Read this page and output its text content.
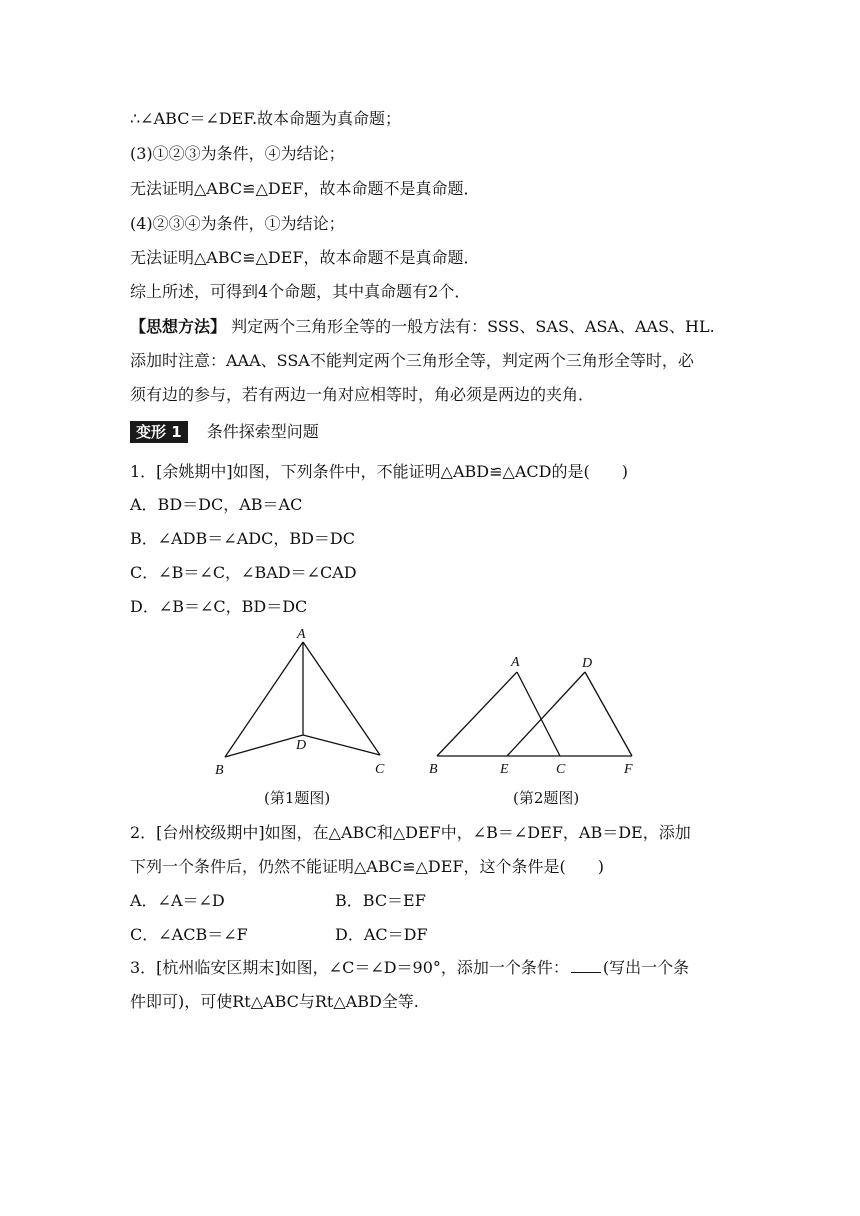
∴∠ABC＝∠DEF.故本命题为真命题；
(3)①②③为条件，④为结论；
无法证明△ABC≌△DEF，故本命题不是真命题．
(4)②③④为条件，①为结论；
无法证明△ABC≌△DEF，故本命题不是真命题．
综上所述，可得到4个命题，其中真命题有2个．
【思想方法】 判定两个三角形全等的一般方法有：SSS、SAS、ASA、AAS、HL.
添加时注意：AAA、SSA不能判定两个三角形全等，判定两个三角形全等时，必
须有边的参与，若有两边一角对应相等时，角必须是两边的夹角．
变形 1 条件探索型问题
1．[余姚期中]如图，下列条件中，不能证明△ABD≌△ACD的是(　　)
A．BD＝DC，AB＝AC
B．∠ADB＝∠ADC，BD＝DC
C．∠B＝∠C，∠BAD＝∠CAD
D．∠B＝∠C，BD＝DC
A
B	C
D
(第1题图)
A	D
B	E	C	F
(第2题图)
2．[台州校级期中]如图，在△ABC和△DEF中，∠B＝∠DEF，AB＝DE，添加
下列一个条件后，仍然不能证明△ABC≌△DEF，这个条件是(　　)
A．∠A＝∠D	B．BC＝EF
C．∠ACB＝∠F	D．AC＝DF
3．[杭州临安区期末]如图，∠C＝∠D＝90°，添加一个条件： (写出一个条
件即可)，可使Rt△ABC与Rt△ABD全等.
